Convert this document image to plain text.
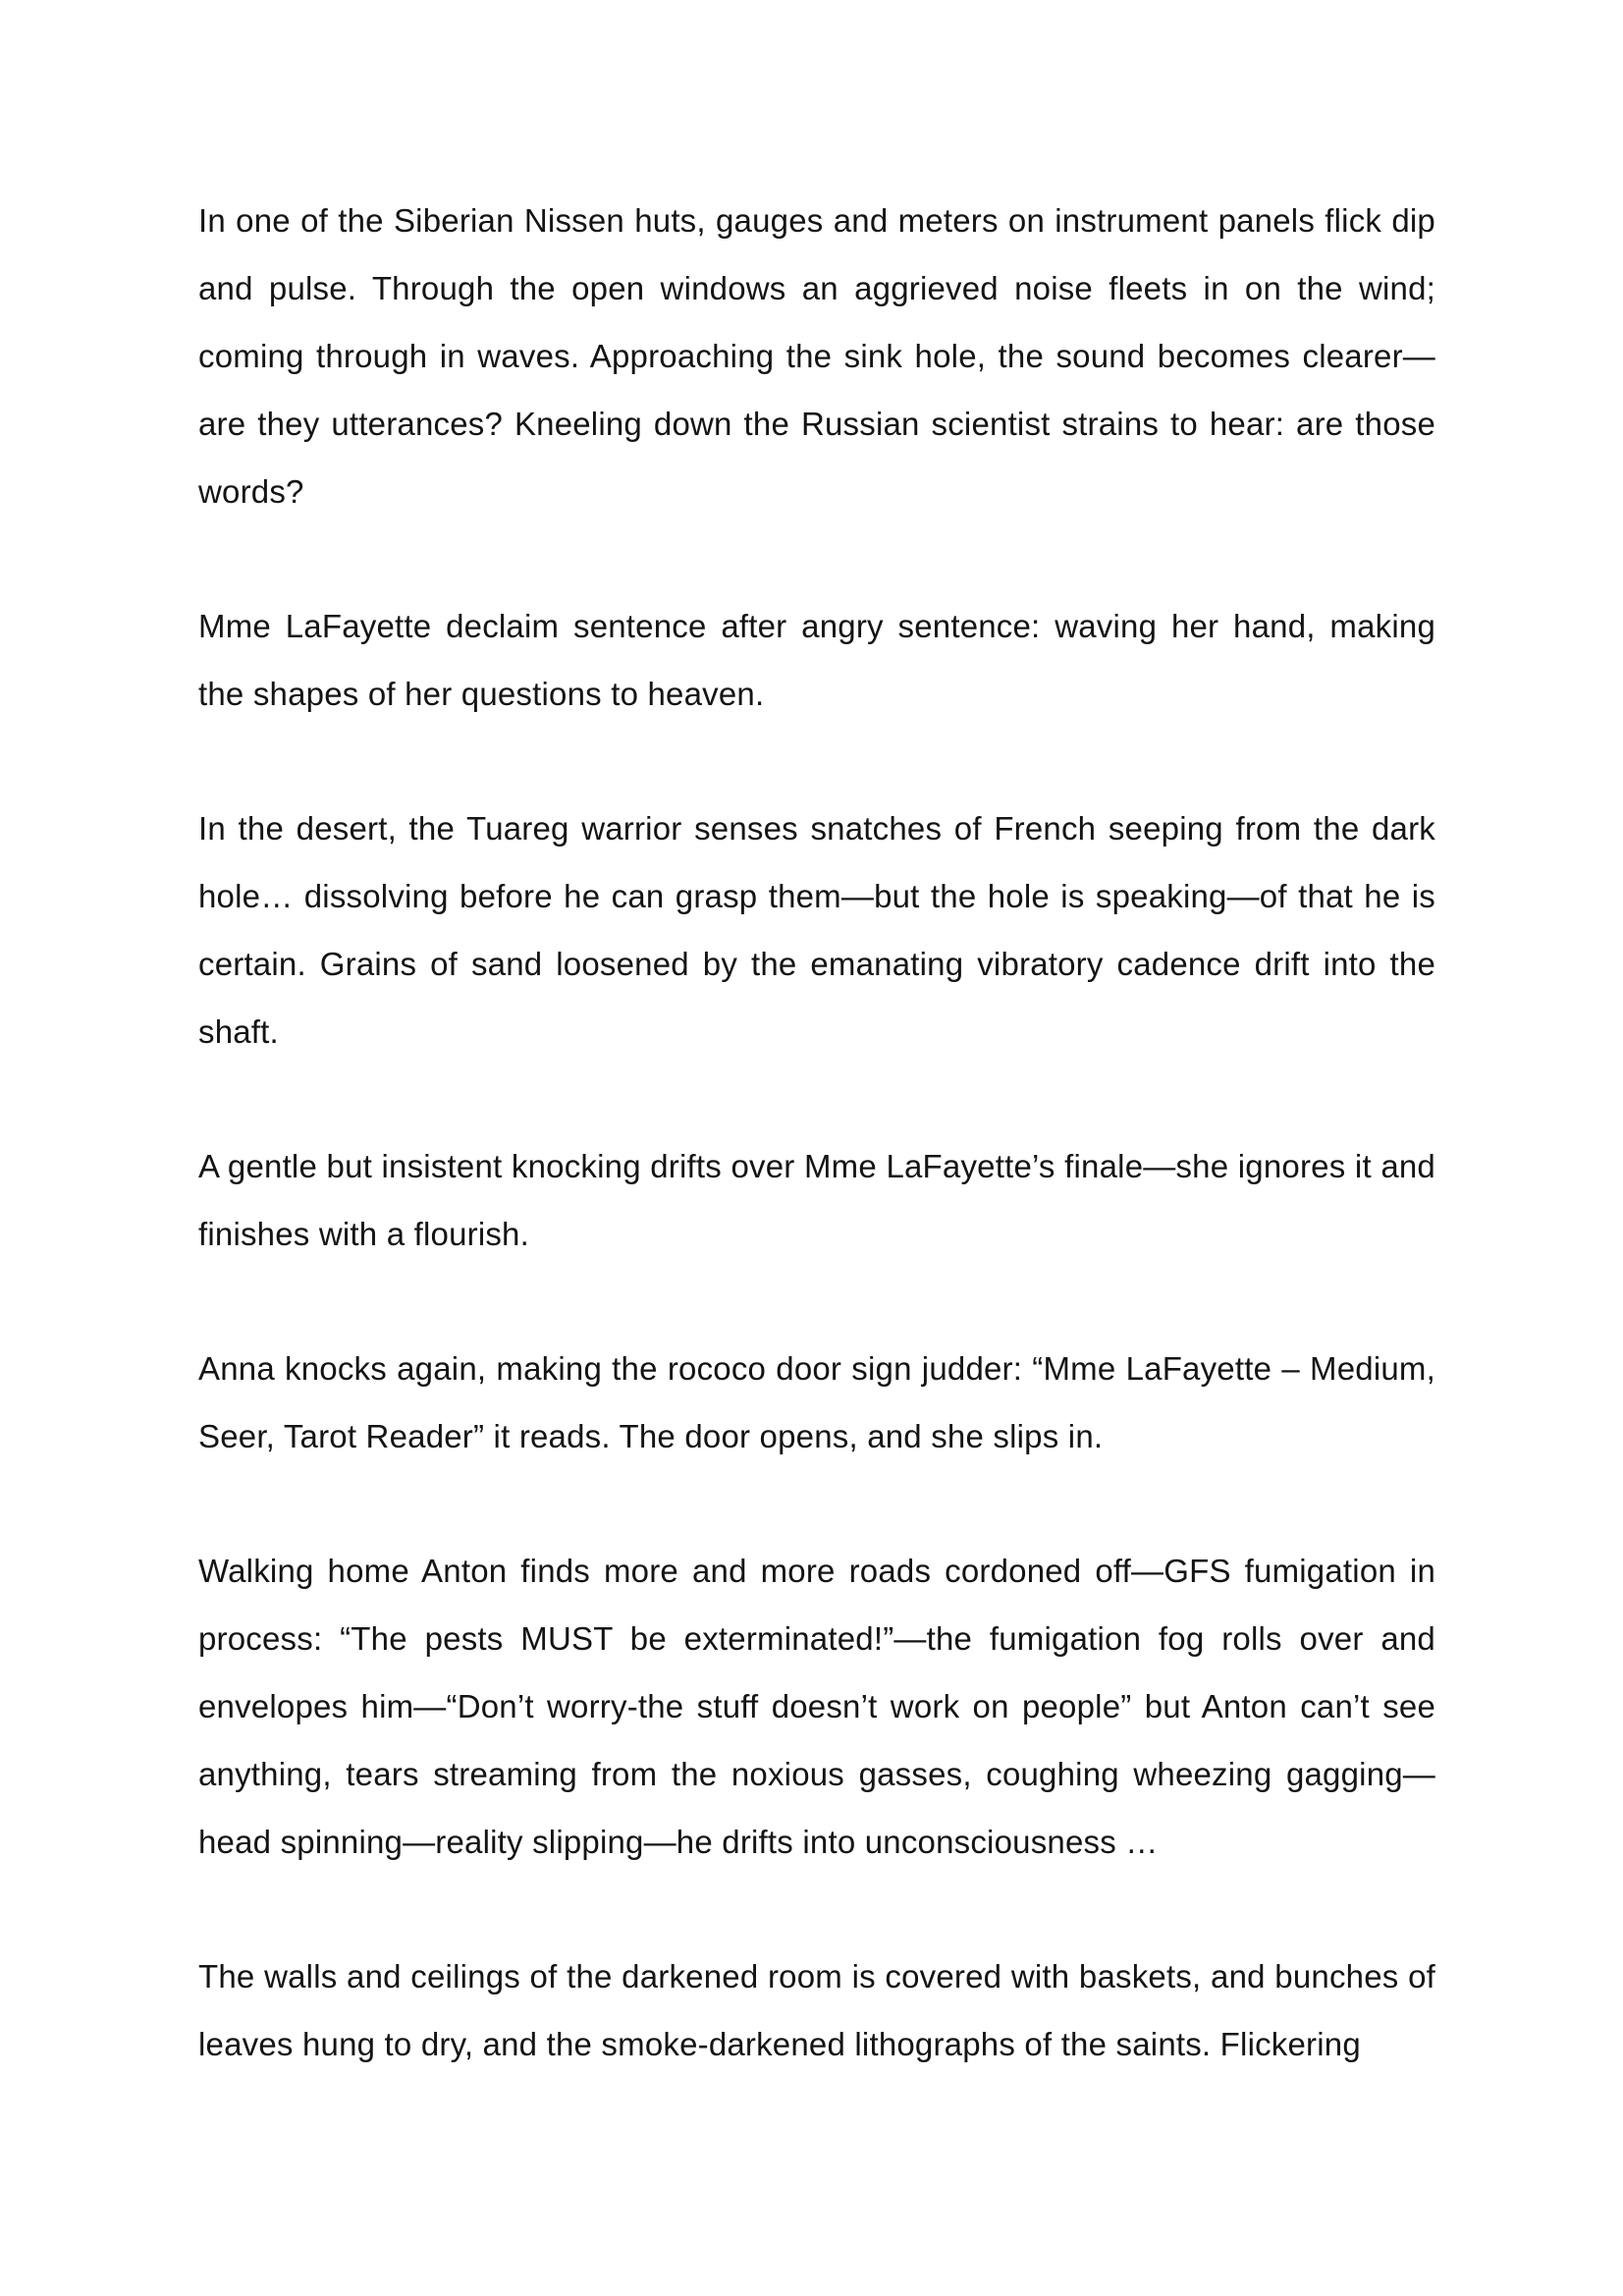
In one of the Siberian Nissen huts, gauges and meters on instrument panels flick dip and pulse. Through the open windows an aggrieved noise fleets in on the wind; coming through in waves. Approaching the sink hole, the sound becomes clearer—are they utterances? Kneeling down the Russian scientist strains to hear: are those words?

Mme LaFayette declaim sentence after angry sentence: waving her hand, making the shapes of her questions to heaven.

In the desert, the Tuareg warrior senses snatches of French seeping from the dark hole… dissolving before he can grasp them—but the hole is speaking—of that he is certain. Grains of sand loosened by the emanating vibratory cadence drift into the shaft.

A gentle but insistent knocking drifts over Mme LaFayette’s finale—she ignores it and finishes with a flourish.

Anna knocks again, making the rococo door sign judder: “Mme LaFayette – Medium, Seer, Tarot Reader” it reads. The door opens, and she slips in.

Walking home Anton finds more and more roads cordoned off—GFS fumigation in process: “The pests MUST be exterminated!”—the fumigation fog rolls over and envelopes him—“Don’t worry-the stuff doesn’t work on people” but Anton can’t see anything, tears streaming from the noxious gasses, coughing wheezing gagging—head spinning—reality slipping—he drifts into unconsciousness …

The walls and ceilings of the darkened room is covered with baskets, and bunches of leaves hung to dry, and the smoke-darkened lithographs of the saints. Flickering
